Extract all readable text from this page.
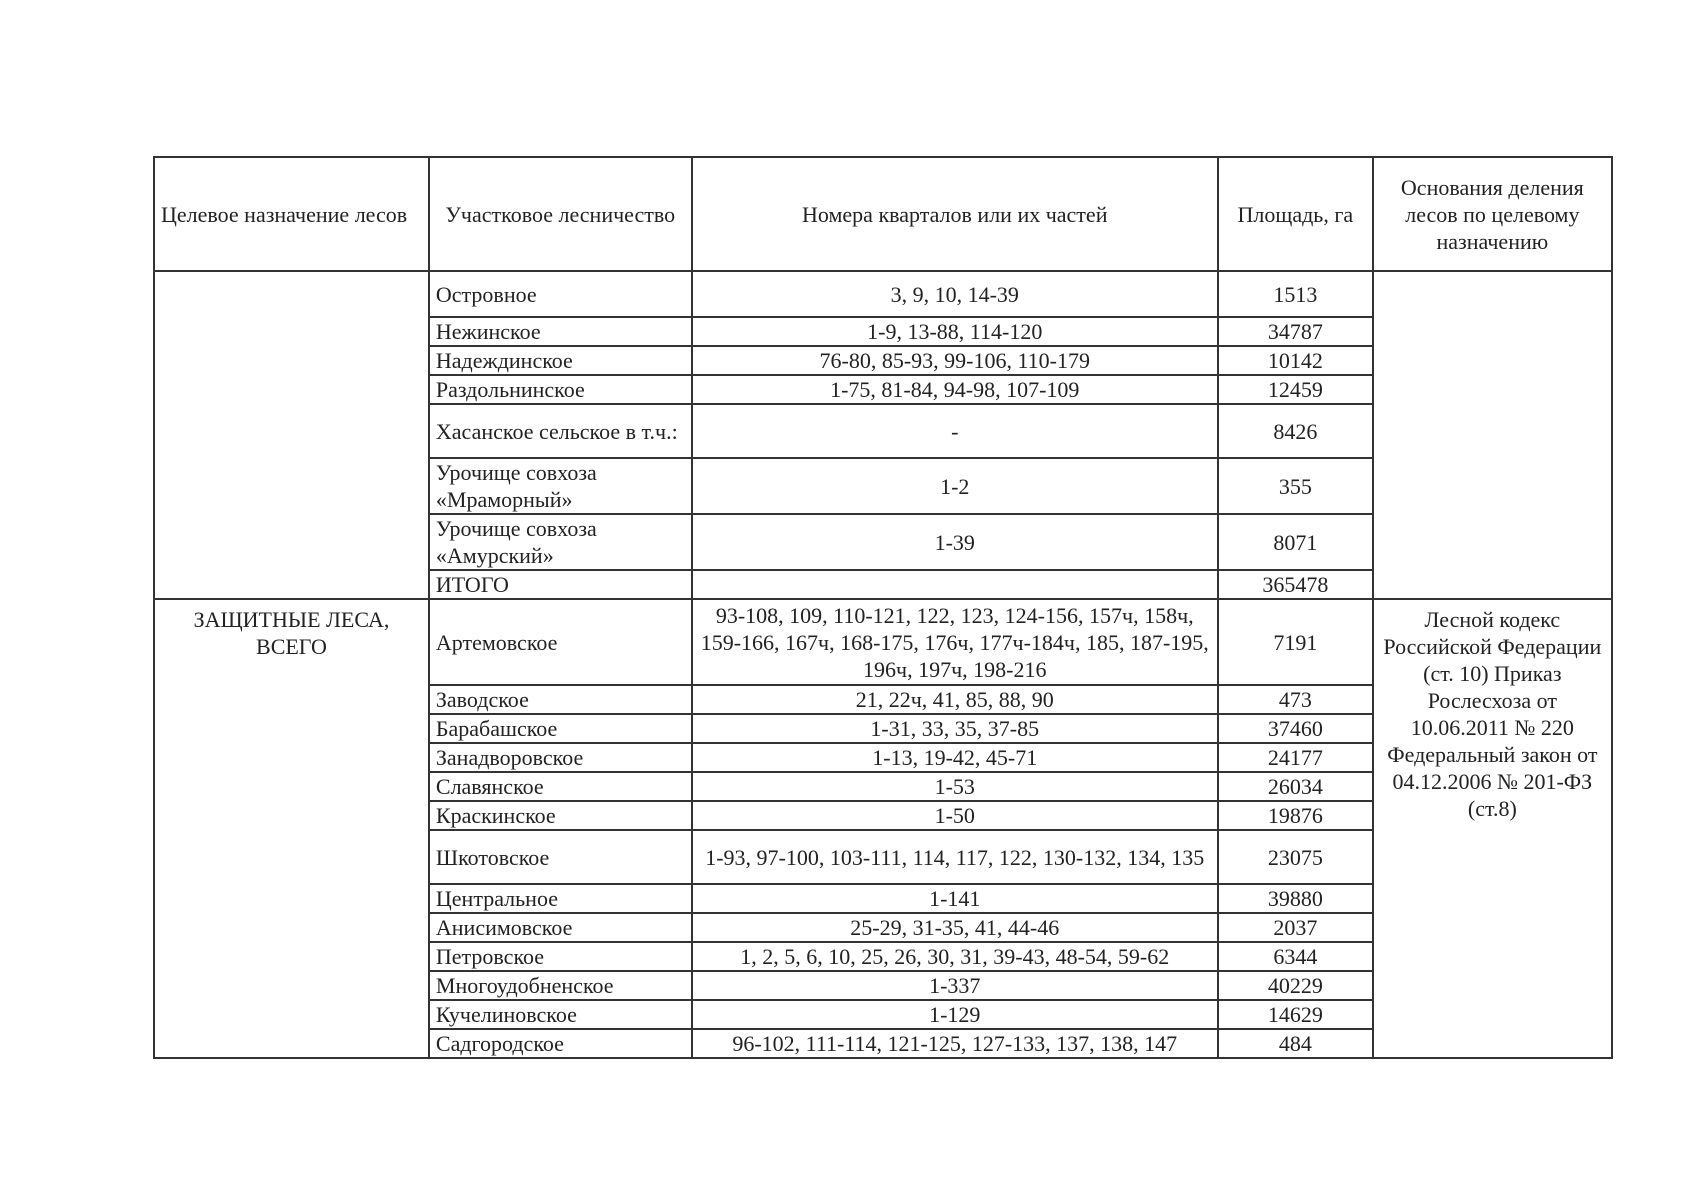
Целевое назначение лесов	Участковое лесничество	Номера кварталов или их частей	Площадь, га	Основания деления лесов по целевому назначению
	Островное	3, 9, 10, 14-39	1513	
	Нежинское	1-9, 13-88, 114-120	34787	
	Надеждинское	76-80, 85-93, 99-106, 110-179	10142	
	Раздольнинское	1-75, 81-84, 94-98, 107-109	12459	
	Хасанское сельское в т.ч.:	-	8426	
	Урочище совхоза «Мраморный»	1-2	355	
	Урочище совхоза «Амурский»	1-39	8071	
	ИТОГО		365478	
ЗАЩИТНЫЕ ЛЕСА, ВСЕГО	Артемовское	93-108, 109, 110-121, 122, 123, 124-156, 157ч, 158ч, 159-166, 167ч, 168-175, 176ч, 177ч-184ч, 185, 187-195, 196ч, 197ч, 198-216	7191	Лесной кодекс Российской Федерации (ст. 10) Приказ Рослесхоза от 10.06.2011 № 220 Федеральный закон от 04.12.2006 № 201-ФЗ (ст.8)
	Заводское	21, 22ч, 41, 85, 88, 90	473	
	Барабашское	1-31, 33, 35, 37-85	37460	
	Занадворовское	1-13, 19-42, 45-71	24177	
	Славянское	1-53	26034	
	Краскинское	1-50	19876	
	Шкотовское	1-93, 97-100, 103-111, 114, 117, 122, 130-132, 134, 135	23075	
	Центральное	1-141	39880	
	Анисимовское	25-29, 31-35, 41, 44-46	2037	
	Петровское	1, 2, 5, 6, 10, 25, 26, 30, 31, 39-43, 48-54, 59-62	6344	
	Многоудобненское	1-337	40229	
	Кучелиновское	1-129	14629	
	Садгородское	96-102, 111-114, 121-125, 127-133, 137, 138, 147	484	
